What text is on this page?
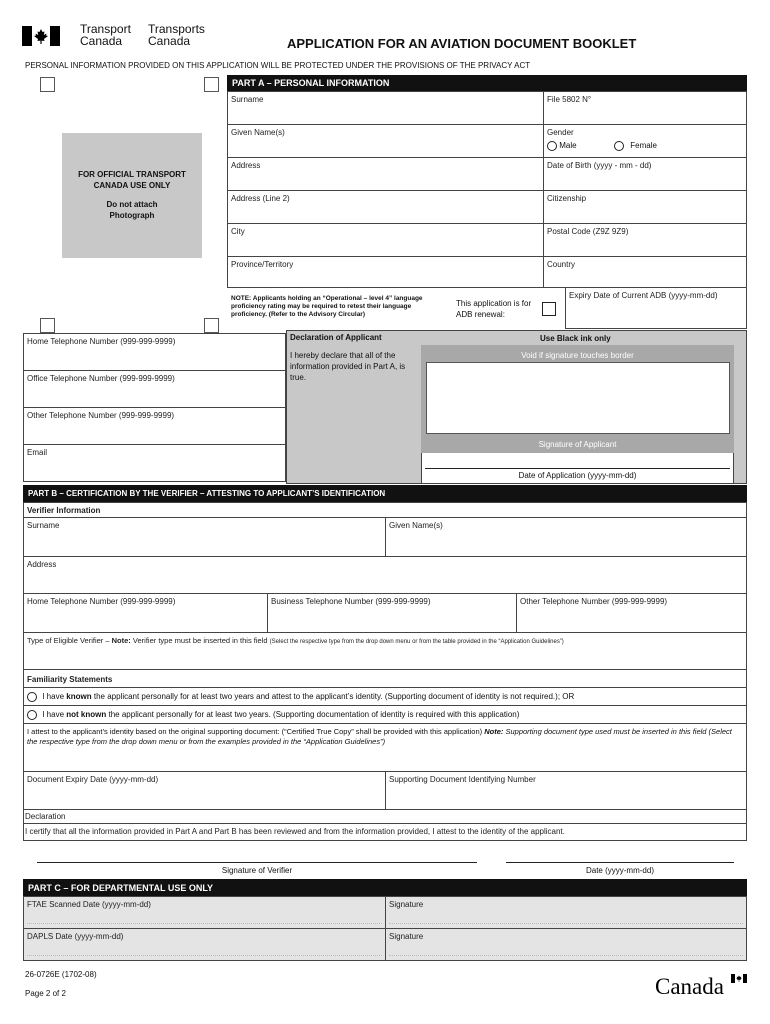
Transport
Canada
Transports
Canada	APPLICATION FOR AN AVIATION DOCUMENT BOOKLET
PERSONAL INFORMATION PROVIDED ON THIS APPLICATION WILL BE PROTECTED UNDER THE PROVISIONS OF THE PRIVACY ACT
FOR OFFICIAL TRANSPORT
CANADA USE ONLY
Do not attach
Photograph
PART A – PERSONAL INFORMATION
Surname	File 5802 N°
Given Name(s)	Gender
Male	Female
Address	Date of Birth (yyyy - mm - dd)
Address (Line 2)	Citizenship
City	Postal Code (Z9Z 9Z9)
Province/Territory	Country
NOTE: Applicants holding an “Operational – level 4” language proficiency rating may be required to retest their language proficiency. (Refer to the Advisory Circular)
This application is for ADB renewal:
Expiry Date of Current ADB (yyyy-mm-dd)
Home Telephone Number (999-999-9999)
Office Telephone Number (999-999-9999)
Other Telephone Number (999-999-9999)
Email
Declaration of Applicant	Use Black ink only
I hereby declare that all of the information provided in Part A, is true.
Void if signature touches border
Signature of Applicant
Date of Application (yyyy-mm-dd)
PART B – CERTIFICATION BY THE VERIFIER – ATTESTING TO APPLICANT’S IDENTIFICATION
Verifier Information
Surname	Given Name(s)
Address
Home Telephone Number (999-999-9999)	Business Telephone Number (999-999-9999)	Other Telephone Number (999-999-9999)
Type of Eligible Verifier – Note: Verifier type must be inserted in this field (Select the respective type from the drop down menu or from the table provided in the “Application Guidelines”)
Familiarity Statements
I have known the applicant personally for at least two years and attest to the applicant’s identity. (Supporting document of identity is not required.); OR
I have not known the applicant personally for at least two years. (Supporting documentation of identity is required with this application)
I attest to the applicant’s identity based on the original supporting document: (“Certified True Copy” shall be provided with this application) Note: Supporting document type used must be inserted in this field (Select the respective type from the drop down menu or from the examples provided in the “Application Guidelines”)
Document Expiry Date (yyyy-mm-dd)	Supporting Document Identifying Number
Declaration
I certify that all the information provided in Part A and Part B has been reviewed and from the information provided, I attest to the identity of the applicant.
Signature of Verifier	Date (yyyy-mm-dd)
PART C – FOR DEPARTMENTAL USE ONLY
FTAE Scanned Date (yyyy-mm-dd)	Signature
DAPLS Date (yyyy-mm-dd)	Signature
26-0726E (1702-08)
Page 2 of 2	Canada
